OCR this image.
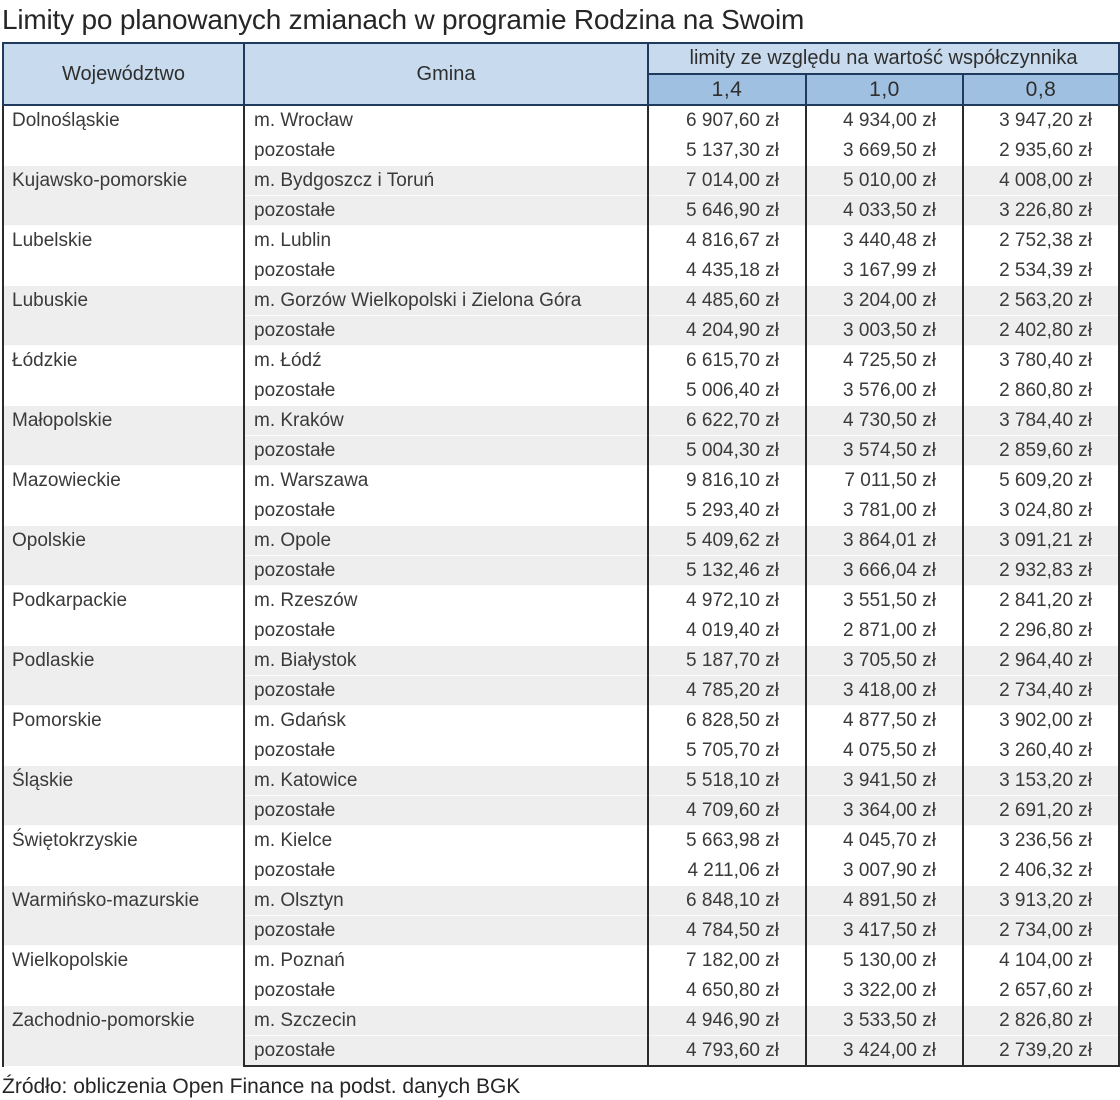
Limity po planowanych zmianach w programie Rodzina na Swoim
Województwo	Gmina	limity ze względu na wartość współczynnika		
		1,4	1,0	0,8
Dolnośląskie	m. Wrocław	6 907,60 zł	4 934,00 zł	3 947,20 zł
	pozostałe	5 137,30 zł	3 669,50 zł	2 935,60 zł
Kujawsko-pomorskie	m. Bydgoszcz i Toruń	7 014,00 zł	5 010,00 zł	4 008,00 zł
	pozostałe	5 646,90 zł	4 033,50 zł	3 226,80 zł
Lubelskie	m. Lublin	4 816,67 zł	3 440,48 zł	2 752,38 zł
	pozostałe	4 435,18 zł	3 167,99 zł	2 534,39 zł
Lubuskie	m. Gorzów Wielkopolski i Zielona Góra	4 485,60 zł	3 204,00 zł	2 563,20 zł
	pozostałe	4 204,90 zł	3 003,50 zł	2 402,80 zł
Łódzkie	m. Łódź	6 615,70 zł	4 725,50 zł	3 780,40 zł
	pozostałe	5 006,40 zł	3 576,00 zł	2 860,80 zł
Małopolskie	m. Kraków	6 622,70 zł	4 730,50 zł	3 784,40 zł
	pozostałe	5 004,30 zł	3 574,50 zł	2 859,60 zł
Mazowieckie	m. Warszawa	9 816,10 zł	7 011,50 zł	5 609,20 zł
	pozostałe	5 293,40 zł	3 781,00 zł	3 024,80 zł
Opolskie	m. Opole	5 409,62 zł	3 864,01 zł	3 091,21 zł
	pozostałe	5 132,46 zł	3 666,04 zł	2 932,83 zł
Podkarpackie	m. Rzeszów	4 972,10 zł	3 551,50 zł	2 841,20 zł
	pozostałe	4 019,40 zł	2 871,00 zł	2 296,80 zł
Podlaskie	m. Białystok	5 187,70 zł	3 705,50 zł	2 964,40 zł
	pozostałe	4 785,20 zł	3 418,00 zł	2 734,40 zł
Pomorskie	m. Gdańsk	6 828,50 zł	4 877,50 zł	3 902,00 zł
	pozostałe	5 705,70 zł	4 075,50 zł	3 260,40 zł
Śląskie	m. Katowice	5 518,10 zł	3 941,50 zł	3 153,20 zł
	pozostałe	4 709,60 zł	3 364,00 zł	2 691,20 zł
Świętokrzyskie	m. Kielce	5 663,98 zł	4 045,70 zł	3 236,56 zł
	pozostałe	4 211,06 zł	3 007,90 zł	2 406,32 zł
Warmińsko-mazurskie	m. Olsztyn	6 848,10 zł	4 891,50 zł	3 913,20 zł
	pozostałe	4 784,50 zł	3 417,50 zł	2 734,00 zł
Wielkopolskie	m. Poznań	7 182,00 zł	5 130,00 zł	4 104,00 zł
	pozostałe	4 650,80 zł	3 322,00 zł	2 657,60 zł
Zachodnio-pomorskie	m. Szczecin	4 946,90 zł	3 533,50 zł	2 826,80 zł
	pozostałe	4 793,60 zł	3 424,00 zł	2 739,20 zł
Źródło: obliczenia Open Finance na podst. danych BGK
